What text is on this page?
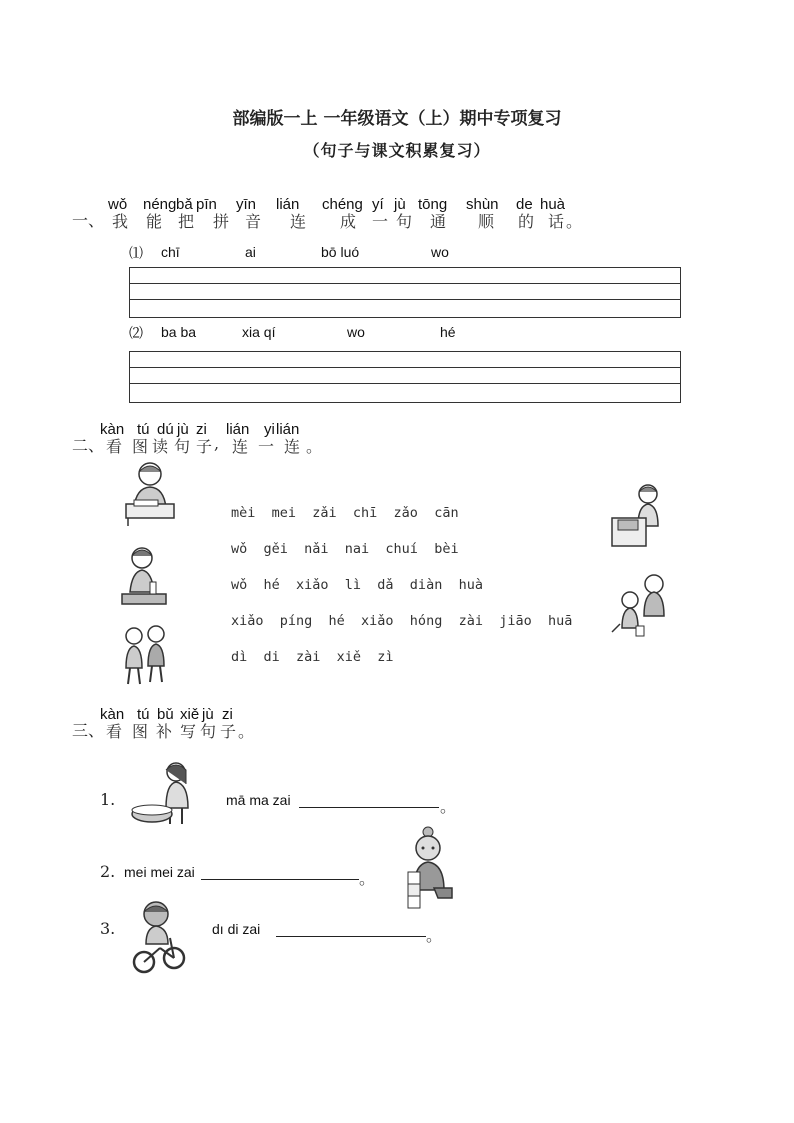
部编版一上 一年级语文（上）期中专项复习
（句子与课文积累复习）
一、
wǒ néng bǎ pīn yīn lián chéng yí jù tōng shùn de huà
我 能 把 拼 音 连 成 一 句 通 顺 的 话 。
⑴ chī	ai	bō luó	wo
⑵ ba ba	xia qí	wo	hé
二、
kàn tú dú jù zi lián yi lián
看 图 读 句 子 , 连 一 连 。
mèi  mei  zǎi  chī  zǎo  cān
wǒ  gěi  nǎi  nai  chuí  bèi
wǒ  hé  xiǎo  lì  dǎ  diàn  huà
xiǎo  píng  hé  xiǎo  hóng  zài  jiāo  huā
dì  di  zài  xiě  zì
三、
kàn tú bǔ xiě jù zi
看 图 补 写 句 子 。
1.	mā ma zai	。
2. mei mei zai	。
3.	dı di zai	。
